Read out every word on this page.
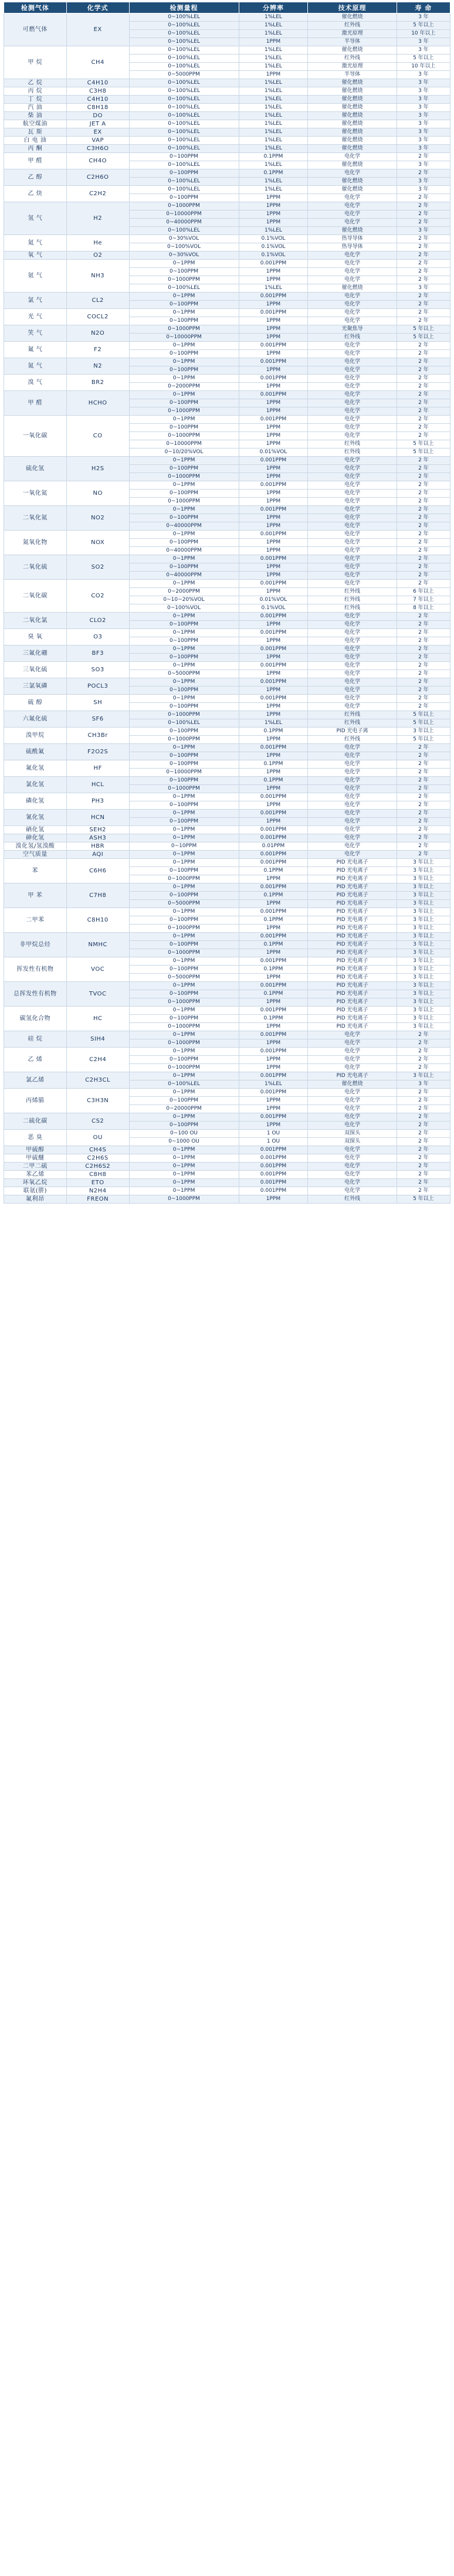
检测气体	化学式	检测量程	分辨率	技术原理	寿 命
可燃气体	EX	0~100%LEL	1%LEL	催化燃烧	3 年
		0~100%LEL	1%LEL	红外线	5 年以上
		0~100%LEL	1%LEL	激光原理	10 年以上
		0~100%LEL	1PPM	半导体	3 年
甲 烷	CH4	0~100%LEL	1%LEL	催化燃烧	3 年
		0~100%LEL	1%LEL	红外线	5 年以上
		0~100%LEL	1%LEL	激光原理	10 年以上
		0~5000PPM	1PPM	半导体	3 年
乙 烷	C4H10	0~100%LEL	1%LEL	催化燃烧	3 年
丙 烷	C3H8	0~100%LEL	1%LEL	催化燃烧	3 年
丁 烷	C4H10	0~100%LEL	1%LEL	催化燃烧	3 年
汽 油	C8H18	0~100%LEL	1%LEL	催化燃烧	3 年
柴 油	DO	0~100%LEL	1%LEL	催化燃烧	3 年
航空煤油	JET A	0~100%LEL	1%LEL	催化燃烧	3 年
瓦 斯	EX	0~100%LEL	1%LEL	催化燃烧	3 年
白 电 油	VAP	0~100%LEL	1%LEL	催化燃烧	3 年
丙 酮	C3H6O	0~100%LEL	1%LEL	催化燃烧	3 年
甲 醛	CH4O	0~100PPM	0.1PPM	电化学	2 年
		0~100%LEL	1%LEL	催化燃烧	3 年
乙 醇	C2H6O	0~100PPM	0.1PPM	电化学	2 年
		0~100%LEL	1%LEL	催化燃烧	3 年
乙 炔	C2H2	0~100%LEL	1%LEL	催化燃烧	3 年
		0~100PPM	1PPM	电化学	2 年
氢 气	H2	0~1000PPM	1PPM	电化学	2 年
		0~10000PPM	1PPM	电化学	2 年
		0~40000PPM	1PPM	电化学	2 年
		0~100%LEL	1%LEL	催化燃烧	3 年
氦 气	He	0~30%VOL	0.1%VOL	热导导体	2 年
		0~100%VOL	0.1%VOL	热导导体	2 年
氧 气	O2	0~30%VOL	0.1%VOL	电化学	2 年
氨 气	NH3	0~1PPM	0.001PPM	电化学	2 年
		0~100PPM	1PPM	电化学	2 年
		0~1000PPM	1PPM	电化学	2 年
		0~100%LEL	1%LEL	催化燃烧	3 年
氯 气	CL2	0~1PPM	0.001PPM	电化学	2 年
		0~100PPM	1PPM	电化学	2 年
光 气	COCL2	0~1PPM	0.001PPM	电化学	2 年
		0~100PPM	1PPM	电化学	2 年
笑 气	N2O	0~1000PPM	1PPM	光聚焦导	5 年以上
		0~10000PPM	1PPM	红外线	5 年以上
氟 气	F2	0~1PPM	0.001PPM	电化学	2 年
		0~100PPM	1PPM	电化学	2 年
氮 气	N2	0~1PPM	0.001PPM	电化学	2 年
		0~100PPM	1PPM	电化学	2 年
溴 气	BR2	0~1PPM	0.001PPM	电化学	2 年
		0~2000PPM	1PPM	电化学	2 年
甲 醛	HCHO	0~1PPM	0.001PPM	电化学	2 年
		0~100PPM	1PPM	电化学	2 年
		0~1000PPM	1PPM	电化学	2 年
一氧化碳	CO	0~1PPM	0.001PPM	电化学	2 年
		0~100PPM	1PPM	电化学	2 年
		0~1000PPM	1PPM	电化学	2 年
		0~10000PPM	1PPM	红外线	5 年以上
		0~10/20%VOL	0.01%VOL	红外线	5 年以上
硫化氢	H2S	0~1PPM	0.001PPM	电化学	2 年
		0~100PPM	1PPM	电化学	2 年
		0~1000PPM	1PPM	电化学	2 年
一氧化氮	NO	0~1PPM	0.001PPM	电化学	2 年
		0~100PPM	1PPM	电化学	2 年
		0~1000PPM	1PPM	电化学	2 年
二氧化氮	NO2	0~1PPM	0.001PPM	电化学	2 年
		0~100PPM	1PPM	电化学	2 年
		0~40000PPM	1PPM	电化学	2 年
氮氧化物	NOX	0~1PPM	0.001PPM	电化学	2 年
		0~100PPM	1PPM	电化学	2 年
		0~40000PPM	1PPM	电化学	2 年
二氧化硫	SO2	0~1PPM	0.001PPM	电化学	2 年
		0~100PPM	1PPM	电化学	2 年
		0~40000PPM	1PPM	电化学	2 年
二氧化碳	CO2	0~1PPM	0.001PPM	电化学	2 年
		0~2000PPM	1PPM	红外线	6 年以上
		0~10~20%VOL	0.01%VOL	红外线	7 年以上
		0~100%VOL	0.1%VOL	红外线	8 年以上
二氧化氯	CLO2	0~1PPM	0.001PPM	电化学	2 年
		0~100PPM	1PPM	电化学	2 年
臭 氧	O3	0~1PPM	0.001PPM	电化学	2 年
		0~100PPM	1PPM	电化学	2 年
三氟化硼	BF3	0~1PPM	0.001PPM	电化学	2 年
		0~100PPM	1PPM	电化学	2 年
三氧化硫	SO3	0~1PPM	0.001PPM	电化学	2 年
		0~5000PPM	1PPM	电化学	2 年
三氯氧磷	POCL3	0~1PPM	0.001PPM	电化学	2 年
		0~100PPM	1PPM	电化学	2 年
硫 醇	SH	0~1PPM	0.001PPM	电化学	2 年
		0~100PPM	1PPM	电化学	2 年
六氟化硫	SF6	0~1000PPM	1PPM	红外线	5 年以上
		0~100%LEL	1%LEL	红外线	5 年以上
溴甲烷	CH3Br	0~100PPM	0.1PPM	PID 光电子离	3 年以上
		0~1000PPM	1PPM	红外线	5 年以上
硫酰氟	F2O2S	0~1PPM	0.001PPM	电化学	2 年
		0~100PPM	1PPM	电化学	2 年
氟化氢	HF	0~100PPM	0.1PPM	电化学	2 年
		0~10000PPM	1PPM	电化学	2 年
氯化氢	HCL	0~100PPM	0.1PPM	电化学	2 年
		0~1000PPM	1PPM	电化学	2 年
磷化氢	PH3	0~1PPM	0.001PPM	电化学	2 年
		0~100PPM	1PPM	电化学	2 年
氰化氢	HCN	0~1PPM	0.001PPM	电化学	2 年
		0~100PPM	1PPM	电化学	2 年
硒化氢	SEH2	0~1PPM	0.001PPM	电化学	2 年
砷化氢	ASH3	0~1PPM	0.001PPM	电化学	2 年
溴化氢/氢溴酸	HBR	0~10PPM	0.01PPM	电化学	2 年
空气质量	AQI	0~1PPM	0.001PPM	电化学	2 年
苯	C6H6	0~1PPM	0.001PPM	PID 光电离子	3 年以上
		0~100PPM	0.1PPM	PID 光电离子	3 年以上
		0~1000PPM	1PPM	PID 光电离子	3 年以上
甲 苯	C7H8	0~1PPM	0.001PPM	PID 光电离子	3 年以上
		0~100PPM	0.1PPM	PID 光电离子	3 年以上
		0~5000PPM	1PPM	PID 光电离子	3 年以上
二甲苯	C8H10	0~1PPM	0.001PPM	PID 光电离子	3 年以上
		0~100PPM	0.1PPM	PID 光电离子	3 年以上
		0~1000PPM	1PPM	PID 光电离子	3 年以上
非甲烷总烃	NMHC	0~1PPM	0.001PPM	PID 光电离子	3 年以上
		0~100PPM	0.1PPM	PID 光电离子	3 年以上
		0~1000PPM	1PPM	PID 光电离子	3 年以上
挥发性有机物	VOC	0~1PPM	0.001PPM	PID 光电离子	3 年以上
		0~100PPM	0.1PPM	PID 光电离子	3 年以上
		0~5000PPM	1PPM	PID 光电离子	3 年以上
总挥发性有机物	TVOC	0~1PPM	0.001PPM	PID 光电离子	3 年以上
		0~100PPM	0.1PPM	PID 光电离子	3 年以上
		0~1000PPM	1PPM	PID 光电离子	3 年以上
碳氢化合物	HC	0~1PPM	0.001PPM	PID 光电离子	3 年以上
		0~100PPM	0.1PPM	PID 光电离子	3 年以上
		0~1000PPM	1PPM	PID 光电离子	3 年以上
硅 烷	SIH4	0~1PPM	0.001PPM	电化学	2 年
		0~1000PPM	1PPM	电化学	2 年
乙 烯	C2H4	0~1PPM	0.001PPM	电化学	2 年
		0~100PPM	1PPM	电化学	2 年
		0~1000PPM	1PPM	电化学	2 年
氯乙烯	C2H3CL	0~1PPM	0.001PPM	PID 光电离子	3 年以上
		0~100%LEL	1%LEL	催化燃烧	3 年
丙烯腈	C3H3N	0~1PPM	0.001PPM	电化学	2 年
		0~100PPM	1PPM	电化学	2 年
		0~20000PPM	1PPM	电化学	2 年
二硫化碳	CS2	0~1PPM	0.001PPM	电化学	2 年
		0~100PPM	1PPM	电化学	2 年
恶 臭	OU	0~100 OU	1 OU	双探头	2 年
		0~1000 OU	1 OU	双探头	2 年
甲硫醇	CH4S	0~1PPM	0.001PPM	电化学	2 年
甲硫醚	C2H6S	0~1PPM	0.001PPM	电化学	2 年
二甲二硫	C2H6S2	0~1PPM	0.001PPM	电化学	2 年
苯乙烯	C8H8	0~1PPM	0.001PPM	电化学	2 年
环氧乙烷	ETO	0~1PPM	0.001PPM	电化学	2 年
联氨(肼)	N2H4	0~1PPM	0.001PPM	电化学	2 年
氟利昂	FREON	0~1000PPM	1PPM	红外线	5 年以上
